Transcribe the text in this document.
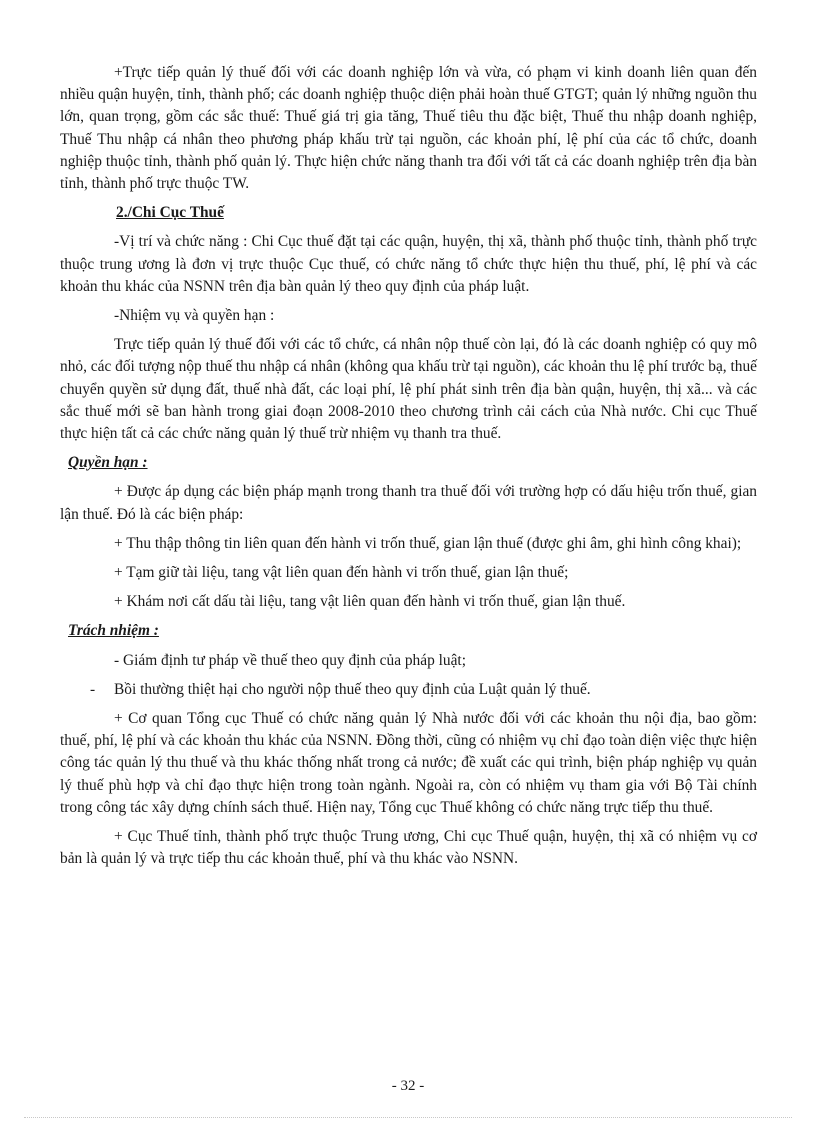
+Trực tiếp quản lý thuế đối với các doanh nghiệp lớn và vừa, có phạm vi kinh doanh liên quan đến nhiều quận huyện, tỉnh, thành phố; các doanh nghiệp thuộc diện phải hoàn thuế GTGT; quản lý những nguồn thu lớn, quan trọng, gồm các sắc thuế: Thuế giá trị gia tăng, Thuế tiêu thu đặc biệt, Thuế thu nhập doanh nghiệp, Thuế Thu nhập cá nhân theo phương pháp khấu trừ tại nguồn, các khoản phí, lệ phí của các tổ chức, doanh nghiệp thuộc tỉnh, thành phố quản lý. Thực hiện chức năng thanh tra đối với tất cả các doanh nghiệp trên địa bàn tỉnh, thành phố trực thuộc TW.

2./Chi Cục Thuế

-Vị trí và chức năng : Chi Cục thuế đặt tại các quận, huyện, thị xã, thành phố thuộc tỉnh, thành phố trực thuộc trung ương là đơn vị trực thuộc Cục thuế, có chức năng tổ chức thực hiện thu thuế, phí, lệ phí và các khoản thu khác của NSNN trên địa bàn quản lý theo quy định của pháp luật.

-Nhiệm vụ và quyền hạn :

Trực tiếp quản lý thuế đối với các tổ chức, cá nhân nộp thuế còn lại, đó là các doanh nghiệp có quy mô nhỏ, các đối tượng nộp thuế thu nhập cá nhân (không qua khấu trừ tại nguồn), các khoản thu lệ phí trước bạ, thuế chuyển quyền sử dụng đất, thuế nhà đất, các loại phí, lệ phí phát sinh trên địa bàn quận, huyện, thị xã... và các sắc thuế mới sẽ ban hành trong giai đoạn 2008-2010 theo chương trình cải cách của Nhà nước. Chi cục Thuế thực hiện tất cả các chức năng quản lý thuế trừ nhiệm vụ thanh tra thuế.

Quyền hạn :

+ Được áp dụng các biện pháp mạnh trong thanh tra thuế đối với trường hợp có dấu hiệu trốn thuế, gian lận thuế. Đó là các biện pháp:

+ Thu thập thông tin liên quan đến hành vi trốn thuế, gian lận thuế (được ghi âm, ghi hình công khai);

+ Tạm giữ tài liệu, tang vật liên quan đến hành vi trốn thuế, gian lận thuế;

+ Khám nơi cất dấu tài liệu, tang vật liên quan đến hành vi trốn thuế, gian lận thuế.

Trách nhiệm :

- Giám định tư pháp về thuế theo quy định của pháp luật;

-	Bồi thường thiệt hại cho người nộp thuế theo quy định của Luật quản lý thuế.

+ Cơ quan Tổng cục Thuế có chức năng quản lý Nhà nước đối với các khoản thu nội địa, bao gồm: thuế, phí, lệ phí và các khoản thu khác của NSNN. Đồng thời, cũng có nhiệm vụ chỉ đạo toàn diện việc thực hiện công tác quản lý thu thuế và thu khác thống nhất trong cả nước; đề xuất các qui trình, biện pháp nghiệp vụ quản lý thuế phù hợp và chỉ đạo thực hiện trong toàn ngành. Ngoài ra, còn có nhiệm vụ tham gia với Bộ Tài chính trong công tác xây dựng chính sách thuế. Hiện nay, Tổng cục Thuế không có chức năng trực tiếp thu thuế.

+ Cục Thuế tỉnh, thành phố trực thuộc Trung ương, Chi cục Thuế quận, huyện, thị xã có nhiệm vụ cơ bản là quản lý và trực tiếp thu các khoản thuế, phí và thu khác vào NSNN.

- 32 -
